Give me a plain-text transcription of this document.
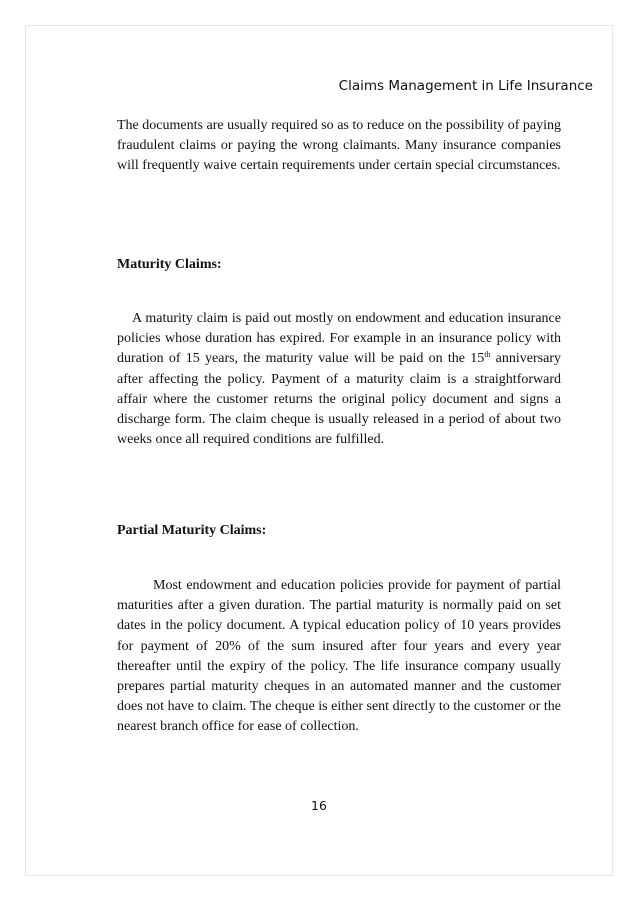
Claims Management in Life Insurance

The documents are usually required so as to reduce on the possibility of paying fraudulent claims or paying the wrong claimants. Many insurance companies will frequently waive certain requirements under certain special circumstances.

Maturity Claims:

A maturity claim is paid out mostly on endowment and education insurance policies whose duration has expired. For example in an insurance policy with duration of 15 years, the maturity value will be paid on the 15th anniversary after affecting the policy. Payment of a maturity claim is a straightforward affair where the customer returns the original policy document and signs a discharge form. The claim cheque is usually released in a period of about two weeks once all required conditions are fulfilled.

Partial Maturity Claims:

Most endowment and education policies provide for payment of partial maturities after a given duration. The partial maturity is normally paid on set dates in the policy document. A typical education policy of 10 years provides for payment of 20% of the sum insured after four years and every year thereafter until the expiry of the policy. The life insurance company usually prepares partial maturity cheques in an automated manner and the customer does not have to claim. The cheque is either sent directly to the customer or the nearest branch office for ease of collection.

16
